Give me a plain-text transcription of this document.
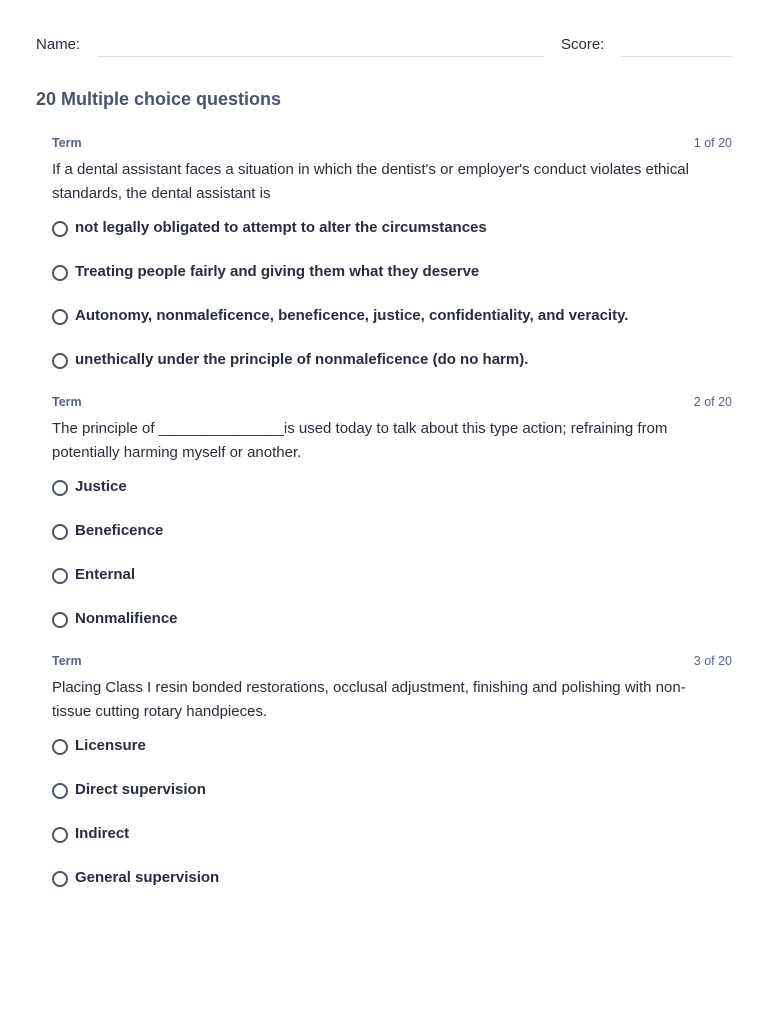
Name:	Score:
20 Multiple choice questions
Term	1 of 20

If a dental assistant faces a situation in which the dentist's or employer's conduct violates ethical standards, the dental assistant is

not legally obligated to attempt to alter the circumstances
Treating people fairly and giving them what they deserve
Autonomy, nonmaleficence, beneficence, justice, confidentiality, and veracity.
unethically under the principle of nonmaleficence (do no harm).
Term	2 of 20

The principle of _______________is used today to talk about this type action; refraining from potentially harming myself or another.

Justice
Beneficence
Enternal
Nonmalifience
Term	3 of 20

Placing Class I resin bonded restorations, occlusal adjustment, finishing and polishing with non-tissue cutting rotary handpieces.

Licensure
Direct supervision
Indirect
General supervision
